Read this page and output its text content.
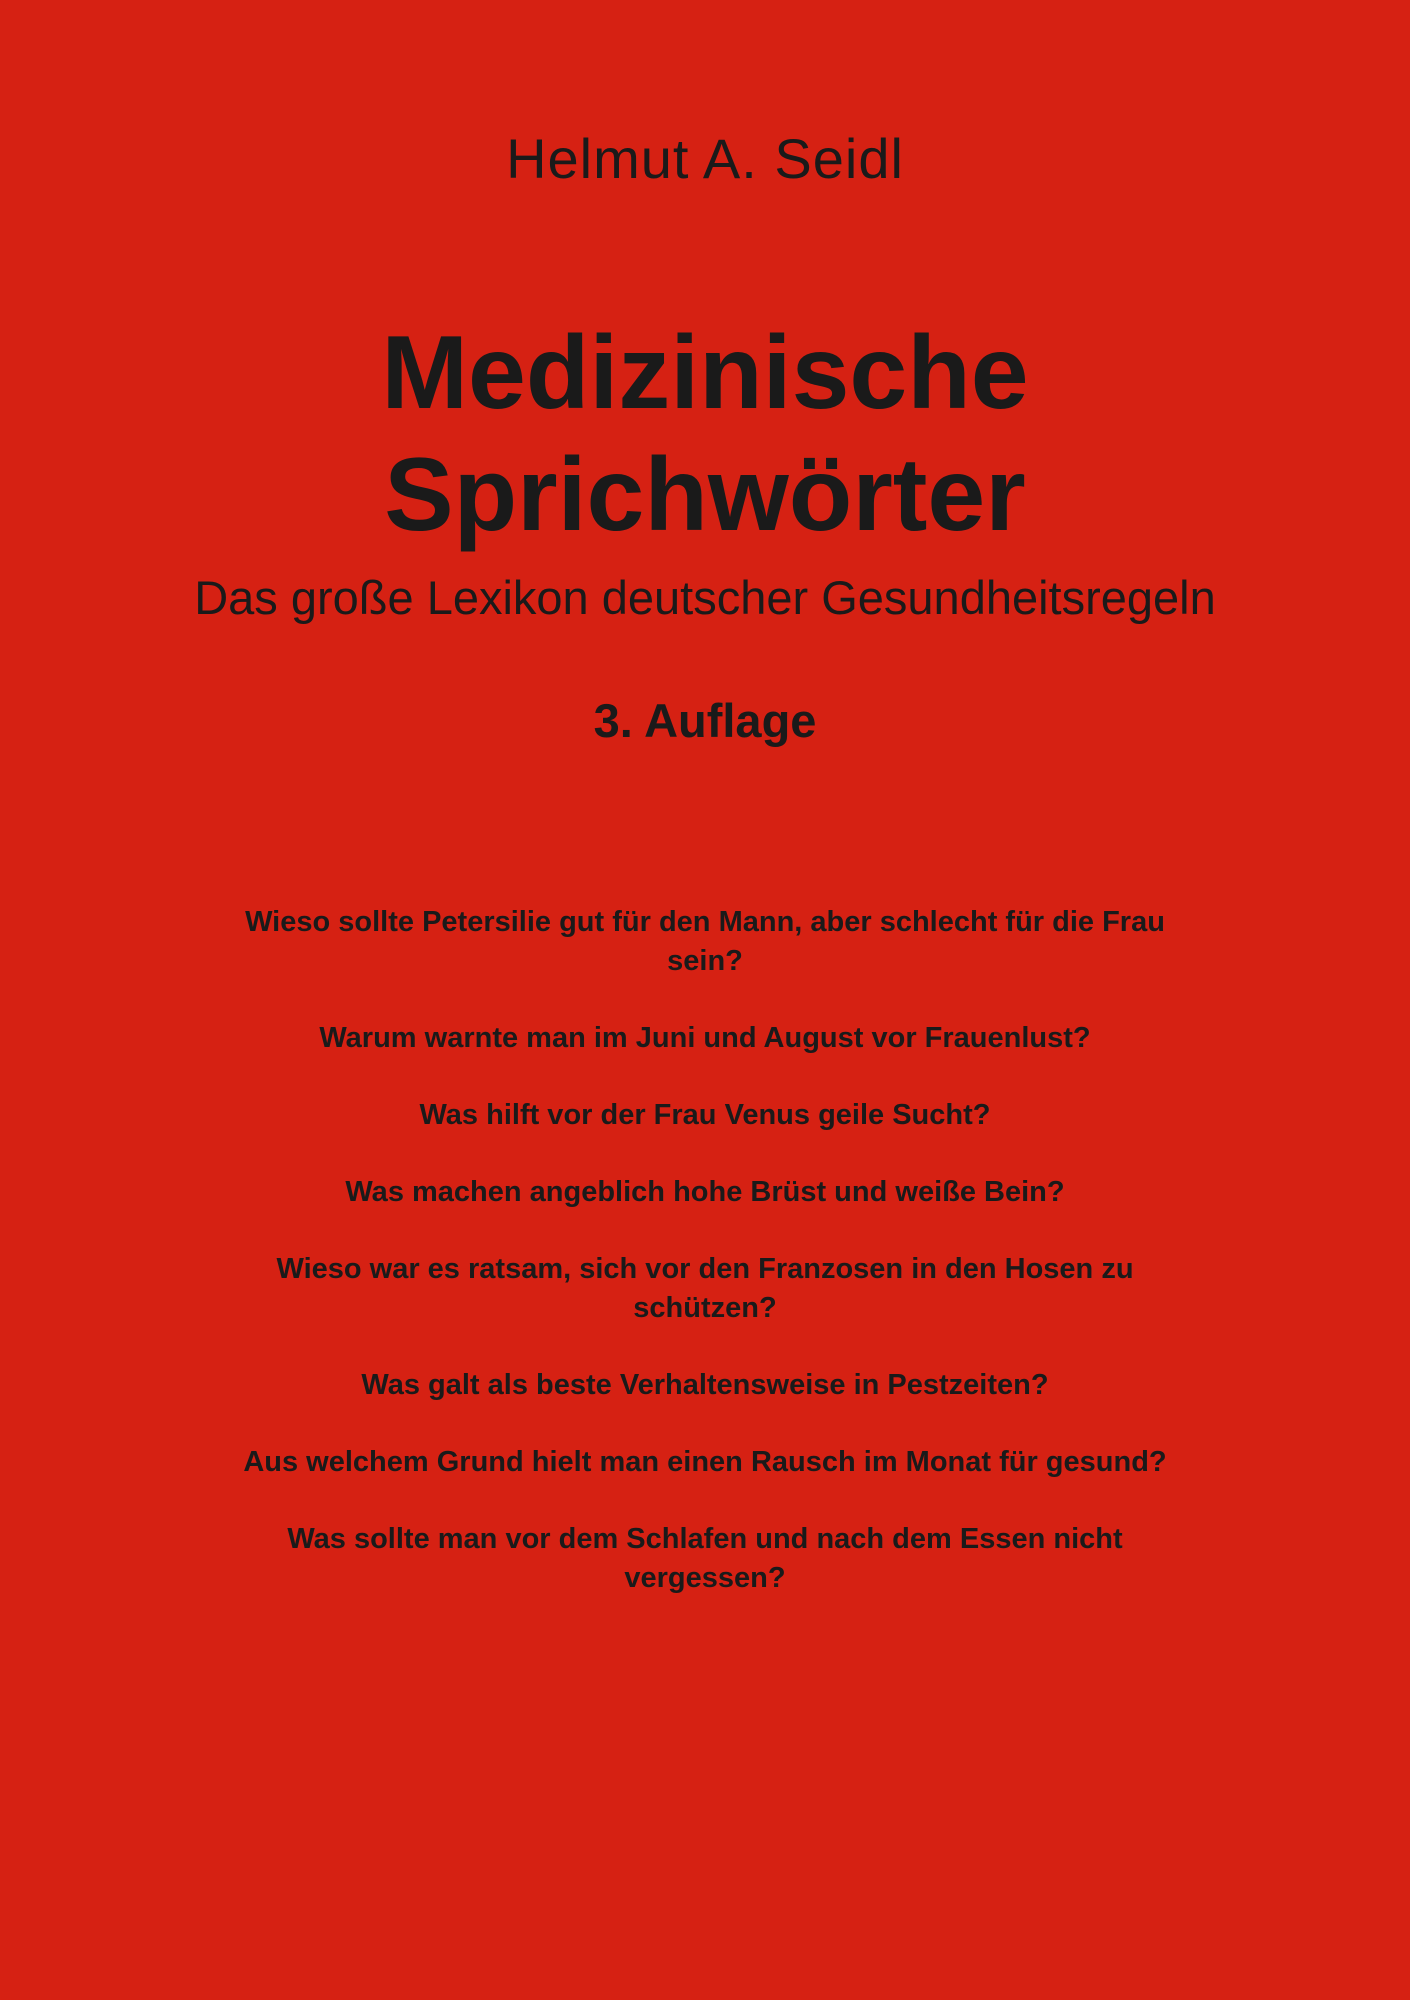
Helmut A. Seidl
Medizinische
Sprichwörter
Das große Lexikon deutscher Gesundheitsregeln
3. Auflage

Wieso sollte Petersilie gut für den Mann, aber schlecht für die Frau sein?

Warum warnte man im Juni und August vor Frauenlust?

Was hilft vor der Frau Venus geile Sucht?

Was machen angeblich hohe Brüst und weiße Bein?

Wieso war es ratsam, sich vor den Franzosen in den Hosen zu schützen?

Was galt als beste Verhaltensweise in Pestzeiten?

Aus welchem Grund hielt man einen Rausch im Monat für gesund?

Was sollte man vor dem Schlafen und nach dem Essen nicht vergessen?
